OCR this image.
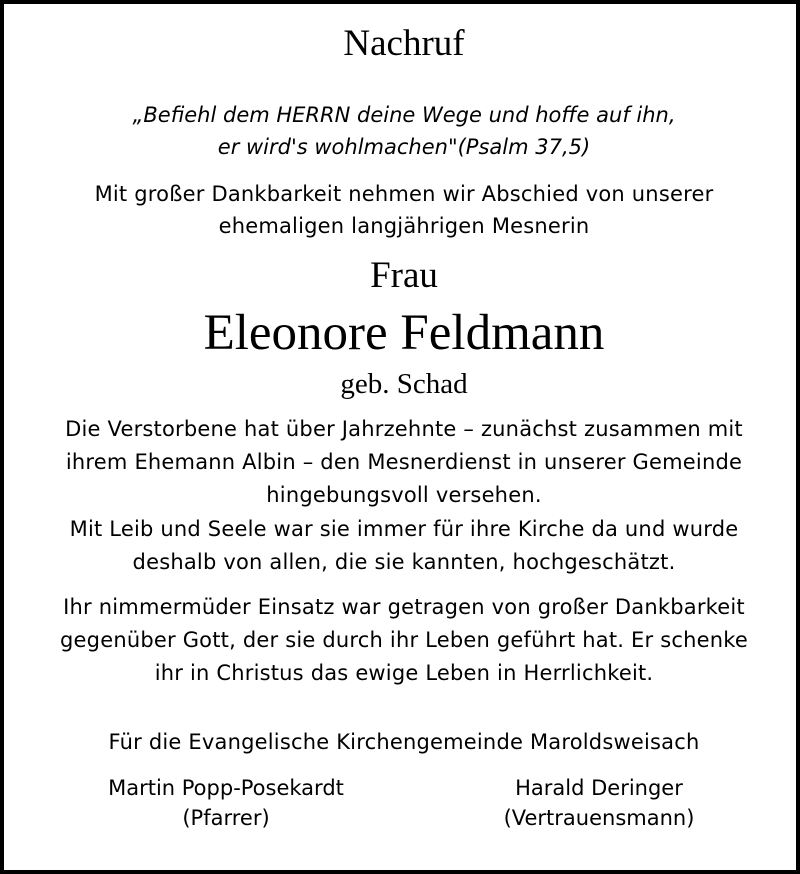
Nachruf

„Befiehl dem HERRN deine Wege und hoffe auf ihn,

er wird's wohlmachen"(Psalm 37,5)

Mit großer Dankbarkeit nehmen wir Abschied von unserer

ehemaligen langjährigen Mesnerin

Frau

Eleonore Feldmann

geb. Schad

Die Verstorbene hat über Jahrzehnte – zunächst zusammen mit

ihrem Ehemann Albin – den Mesnerdienst in unserer Gemeinde

hingebungsvoll versehen.

Mit Leib und Seele war sie immer für ihre Kirche da und wurde

deshalb von allen, die sie kannten, hochgeschätzt.

Ihr nimmermüder Einsatz war getragen von großer Dankbarkeit

gegenüber Gott, der sie durch ihr Leben geführt hat. Er schenke

ihr in Christus das ewige Leben in Herrlichkeit.

Für die Evangelische Kirchengemeinde Maroldsweisach

Martin Popp-Posekardt
(Pfarrer)
Harald Deringer
(Vertrauensmann)
